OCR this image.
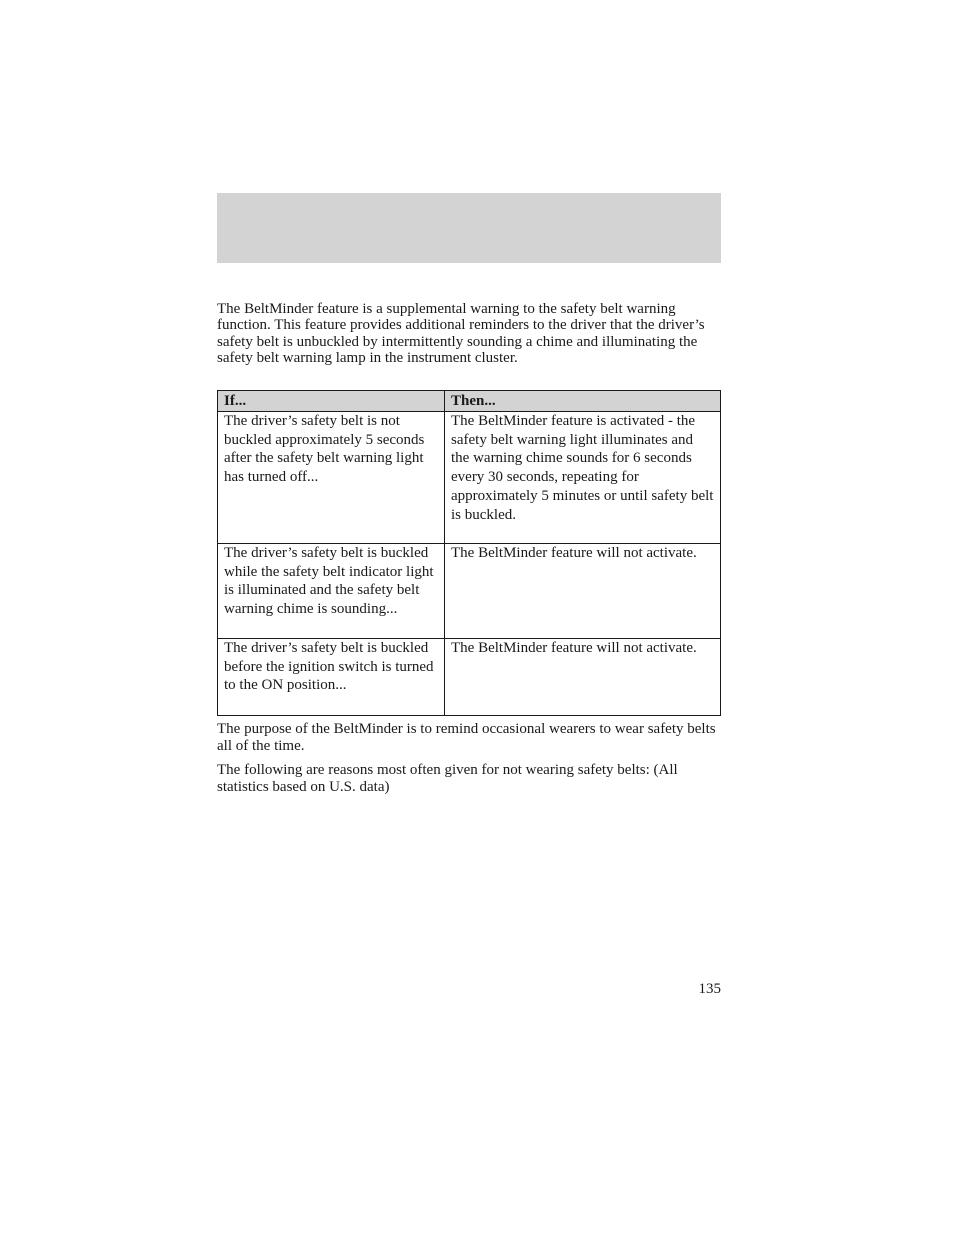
The BeltMinder feature is a supplemental warning to the safety belt warning function. This feature provides additional reminders to the driver that the driver’s safety belt is unbuckled by intermittently sounding a chime and illuminating the safety belt warning lamp in the instrument cluster.

If...	Then...
The driver’s safety belt is not buckled approximately 5 seconds after the safety belt warning light has turned off...	The BeltMinder feature is activated - the safety belt warning light illuminates and the warning chime sounds for 6 seconds every 30 seconds, repeating for approximately 5 minutes or until safety belt is buckled.
The driver’s safety belt is buckled while the safety belt indicator light is illuminated and the safety belt warning chime is sounding...	The BeltMinder feature will not activate.
The driver’s safety belt is buckled before the ignition switch is turned to the ON position...	The BeltMinder feature will not activate.

The purpose of the BeltMinder is to remind occasional wearers to wear safety belts all of the time.

The following are reasons most often given for not wearing safety belts: (All statistics based on U.S. data)

135
